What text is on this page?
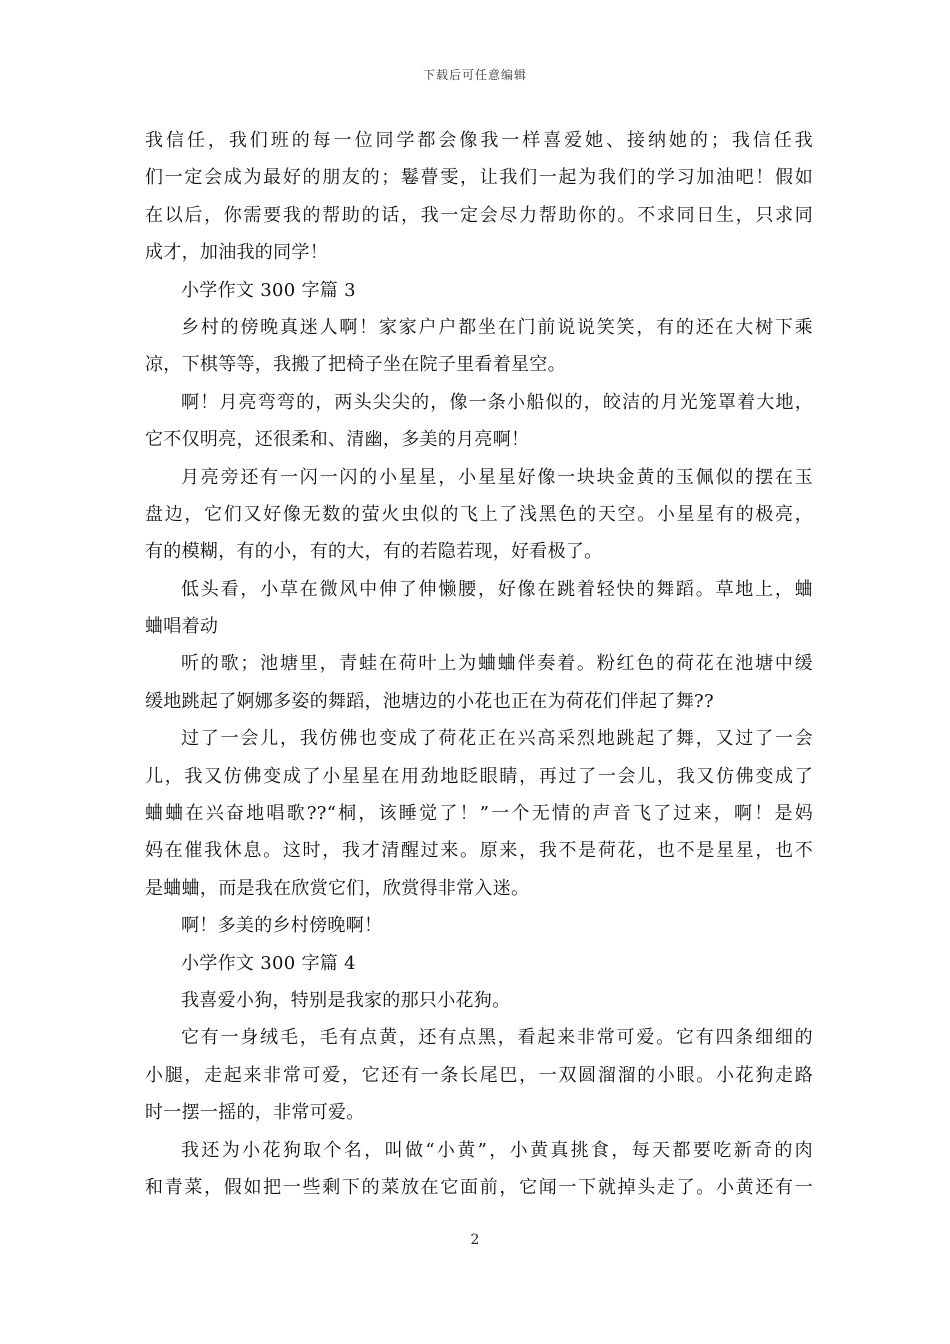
下载后可任意编辑
我信任，我们班的每一位同学都会像我一样喜爱她、接纳她的；我信任我
们一定会成为最好的朋友的；鬈瞢雯，让我们一起为我们的学习加油吧！假如
在以后，你需要我的帮助的话，我一定会尽力帮助你的。不求同日生，只求同
成才，加油我的同学！
小学作文 300 字篇 3
乡村的傍晚真迷人啊！家家户户都坐在门前说说笑笑，有的还在大树下乘
凉，下棋等等，我搬了把椅子坐在院子里看着星空。
啊！月亮弯弯的，两头尖尖的，像一条小船似的，皎洁的月光笼罩着大地，
它不仅明亮，还很柔和、清幽，多美的月亮啊！
月亮旁还有一闪一闪的小星星，小星星好像一块块金黄的玉佩似的摆在玉
盘边，它们又好像无数的萤火虫似的飞上了浅黑色的天空。小星星有的极亮，
有的模糊，有的小，有的大，有的若隐若现，好看极了。
低头看，小草在微风中伸了伸懒腰，好像在跳着轻快的舞蹈。草地上，蛐
蛐唱着动
听的歌；池塘里，青蛙在荷叶上为蛐蛐伴奏着。粉红色的荷花在池塘中缓
缓地跳起了婀娜多姿的舞蹈，池塘边的小花也正在为荷花们伴起了舞??
过了一会儿，我仿佛也变成了荷花正在兴高采烈地跳起了舞，又过了一会
儿，我又仿佛变成了小星星在用劲地眨眼睛，再过了一会儿，我又仿佛变成了
蛐蛐在兴奋地唱歌??“桐，该睡觉了！”一个无情的声音飞了过来，啊！是妈
妈在催我休息。这时，我才清醒过来。原来，我不是荷花，也不是星星，也不
是蛐蛐，而是我在欣赏它们，欣赏得非常入迷。
啊！多美的乡村傍晚啊！
小学作文 300 字篇 4
我喜爱小狗，特别是我家的那只小花狗。
它有一身绒毛，毛有点黄，还有点黑，看起来非常可爱。它有四条细细的
小腿，走起来非常可爱，它还有一条长尾巴，一双圆溜溜的小眼。小花狗走路
时一摆一摇的，非常可爱。
我还为小花狗取个名，叫做“小黄”，小黄真挑食，每天都要吃新奇的肉
和青菜，假如把一些剩下的菜放在它面前，它闻一下就掉头走了。小黄还有一
2
